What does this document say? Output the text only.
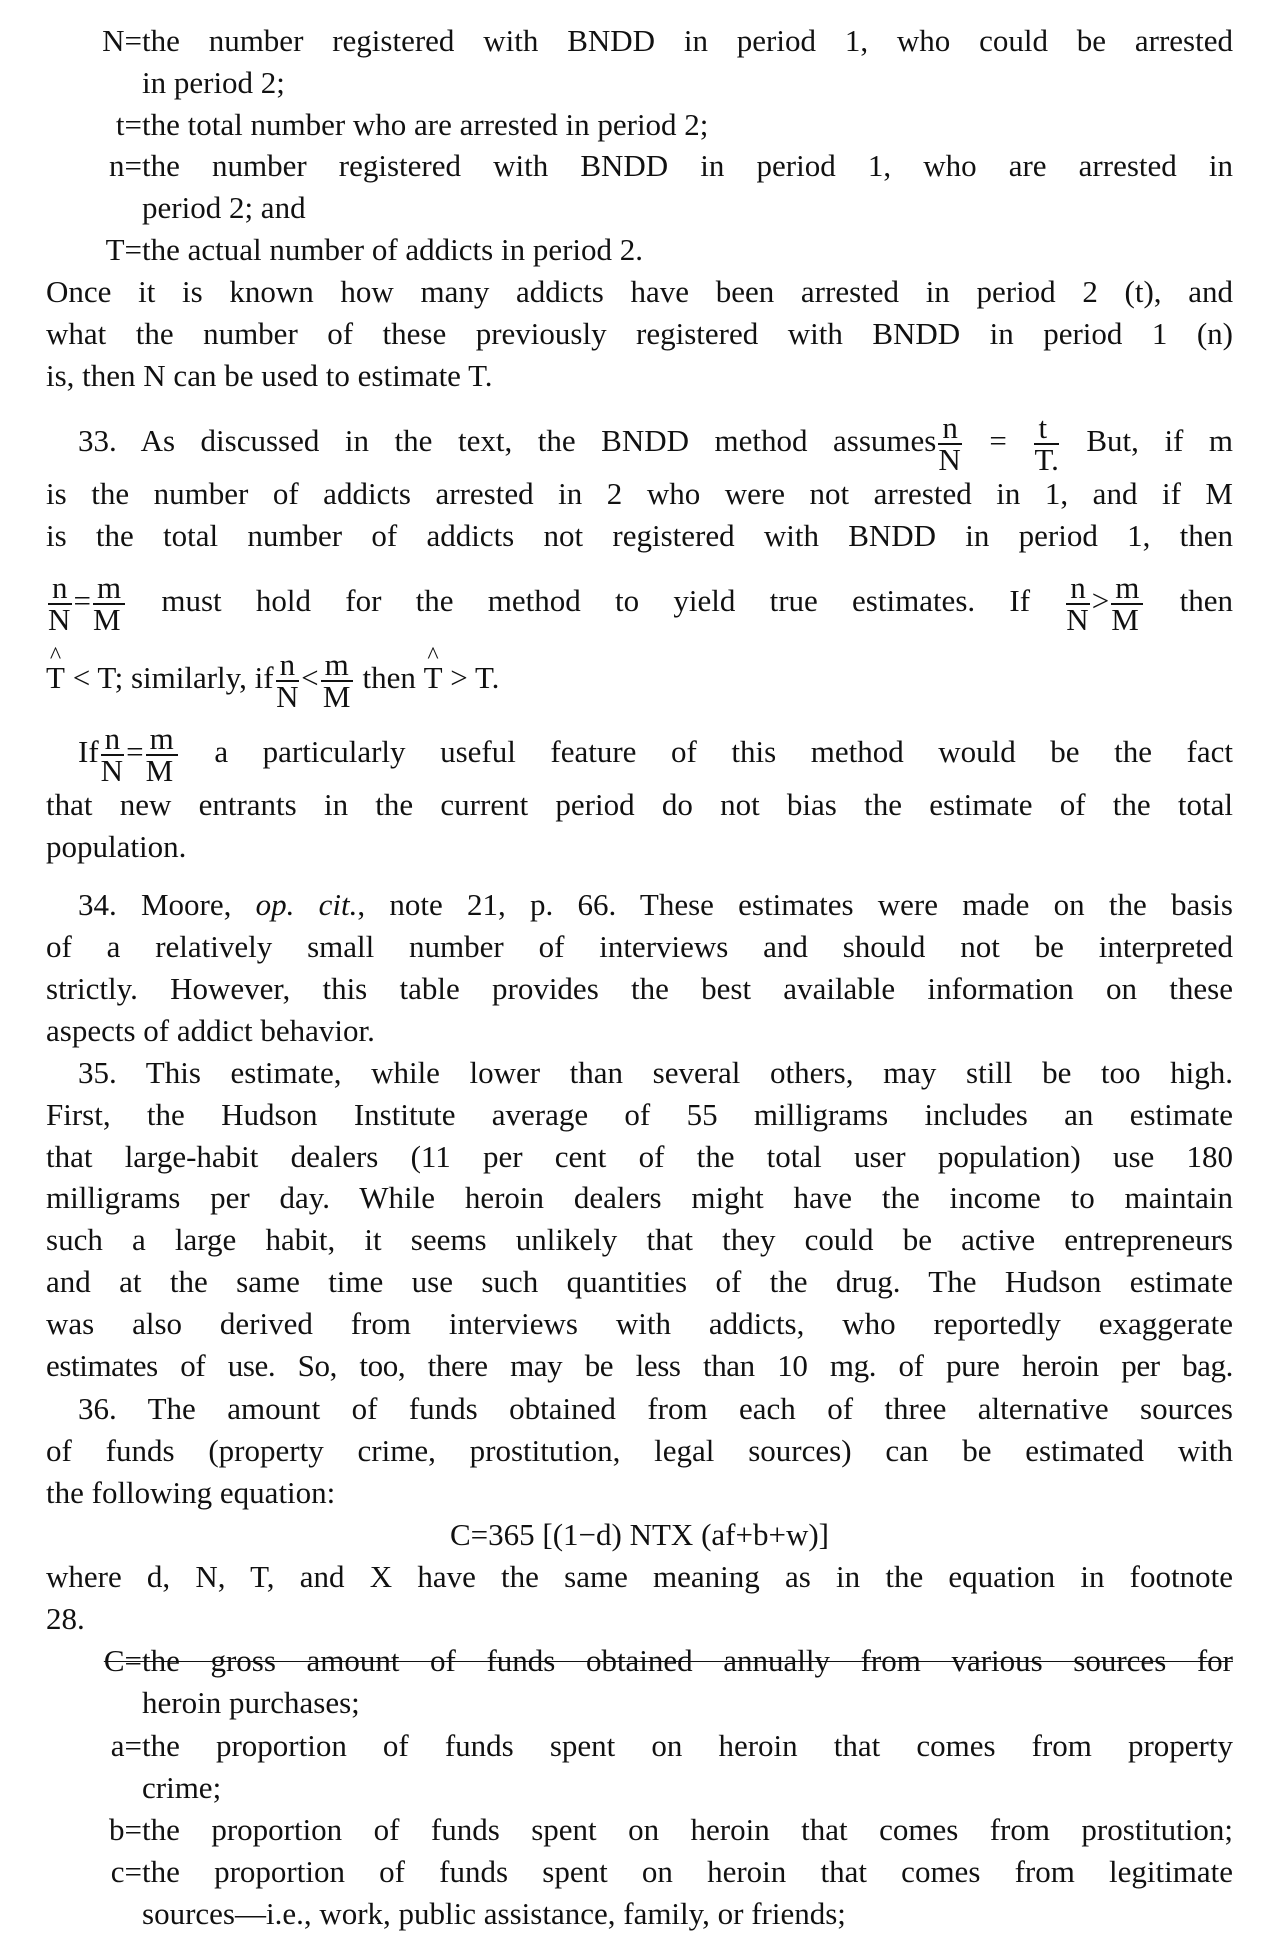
N= the number registered with BNDD in period 1, who could be arrested
in period 2;
t= the total number who are arrested in period 2;
n= the number registered with BNDD in period 1, who are arrested in
period 2; and
T= the actual number of addicts in period 2.
Once it is known how many addicts have been arrested in period 2 (t), and
what the number of these previously registered with BNDD in period 1 (n)
is, then N can be used to estimate T.
33. As discussed in the text, the BNDD method assumes $\frac{n}{N} = \frac{t}{T.}$ But, if m
is the number of addicts arrested in 2 who were not arrested in 1, and if M
is the total number of addicts not registered with BNDD in period 1, then
$\frac{n}{N} = \frac{m}{M}$ must hold for the method to yield true estimates. If $\frac{n}{N} > \frac{m}{M}$ then
^ T < T; similarly, if $\frac{n}{N} < \frac{m}{M}$ then ^ T > T.
If $\frac{n}{N} = \frac{m}{M}$ a particularly useful feature of this method would be the fact
that new entrants in the current period do not bias the estimate of the total
population.
34. Moore, op. cit., note 21, p. 66. These estimates were made on the basis
of a relatively small number of interviews and should not be interpreted
strictly. However, this table provides the best available information on these
aspects of addict behavior.
35. This estimate, while lower than several others, may still be too high.
First, the Hudson Institute average of 55 milligrams includes an estimate
that large-habit dealers (11 per cent of the total user population) use 180
milligrams per day. While heroin dealers might have the income to maintain
such a large habit, it seems unlikely that they could be active entrepreneurs
and at the same time use such quantities of the drug. The Hudson estimate
was also derived from interviews with addicts, who reportedly exaggerate
estimates of use. So, too, there may be less than 10 mg. of pure heroin per bag.
36. The amount of funds obtained from each of three alternative sources
of funds (property crime, prostitution, legal sources) can be estimated with
the following equation:
C=365 [(1−d) NTX (af+b+w)]
where d, N, T, and X have the same meaning as in the equation in footnote
28.
C= the gross amount of funds obtained annually from various sources for
heroin purchases;
a= the proportion of funds spent on heroin that comes from property
crime;
b= the proportion of funds spent on heroin that comes from prostitution;
c= the proportion of funds spent on heroin that comes from legitimate
sources—i.e., work, public assistance, family, or friends;
